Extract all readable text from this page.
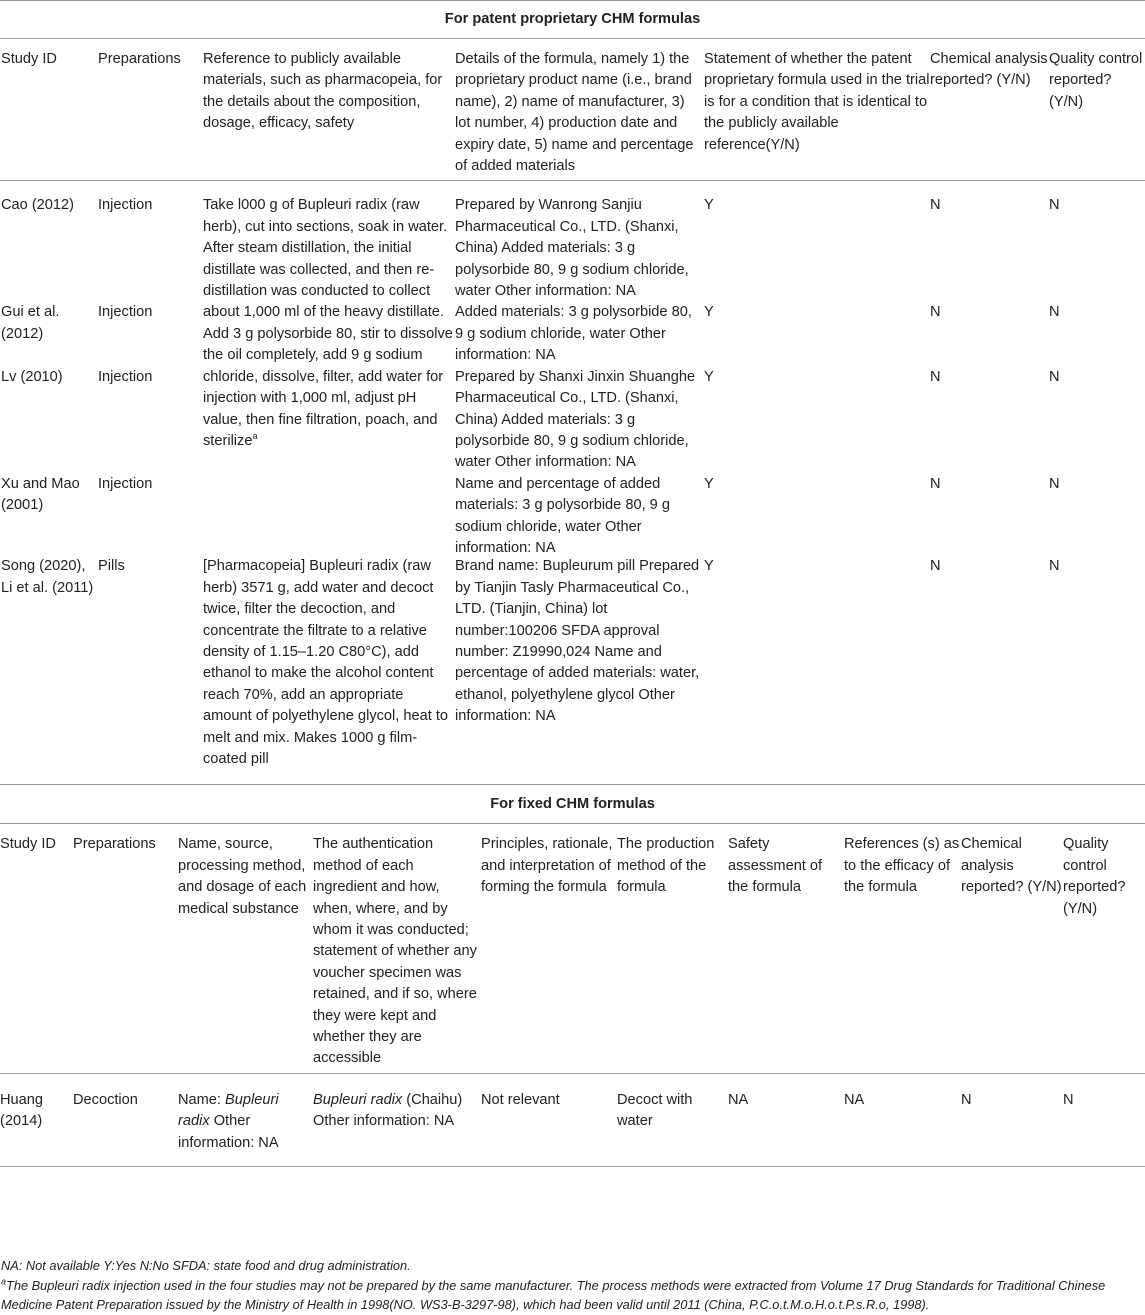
For patent proprietary CHM formulas						
Study ID	Preparations	Reference to publicly available materials, such as pharmacopeia, for the details about the composition, dosage, efficacy, safety	Details of the formula, namely 1) the proprietary product name (i.e., brand name), 2) name of manufacturer, 3) lot number, 4) production date and expiry date, 5) name and percentage of added materials	Statement of whether the patent proprietary formula used in the trial is for a condition that is identical to the publicly available reference(Y/N)	Chemical analysis reported? (Y/N)	Quality control reported? (Y/N)

Cao (2012)	Injection	Take l000 g of Bupleuri radix (raw herb), cut into sections, soak in water. After steam distillation, the initial distillate was collected, and then re-distillation was conducted to collect about 1,000 ml of the heavy distillate. Add 3 g polysorbide 80, stir to dissolve the oil completely, add 9 g sodium chloride, dissolve, filter, add water for injection with 1,000 ml, adjust pH value, then fine filtration, poach, and sterilize$^a$	Prepared by Wanrong Sanjiu Pharmaceutical Co., LTD. (Shanxi, China) Added materials: 3 g polysorbide 80, 9 g sodium chloride, water Other information: NA	Y	N	N
Gui et al. (2012)	Injection		Added materials: 3 g polysorbide 80, 9 g sodium chloride, water Other information: NA	Y	N	N
Lv (2010)	Injection		Prepared by Shanxi Jinxin Shuanghe Pharmaceutical Co., LTD. (Shanxi, China) Added materials: 3 g polysorbide 80, 9 g sodium chloride, water Other information: NA	Y	N	N
Xu and Mao (2001)	Injection		Name and percentage of added materials: 3 g polysorbide 80, 9 g sodium chloride, water Other information: NA	Y	N	N

Song (2020), Li et al. (2011)	Pills	[Pharmacopeia] Bupleuri radix (raw herb) 3571 g, add water and decoct twice, filter the decoction, and concentrate the filtrate to a relative density of 1.15–1.20 C80°C), add ethanol to make the alcohol content reach 70%, add an appropriate amount of polyethylene glycol, heat to melt and mix. Makes 1000 g film-coated pill	Brand name: Bupleurum pill Prepared by Tianjin Tasly Pharmaceutical Co., LTD. (Tianjin, China) lot number:100206 SFDA approval number: Z19990,024 Name and percentage of added materials: water, ethanol, polyethylene glycol Other information: NA	Y	N	N

For fixed CHM formulas									
Study ID	Preparations	Name, source, processing method, and dosage of each medical substance	The authentication method of each ingredient and how, when, where, and by whom it was conducted; statement of whether any voucher specimen was retained, and if so, where they were kept and whether they are accessible	Principles, rationale, and interpretation of forming the formula	The production method of the formula	Safety assessment of the formula	References (s) as to the efficacy of the formula	Chemical analysis reported? (Y/N)	Quality control reported? (Y/N)

Huang (2014)	Decoction	Name: Bupleuri radix Other information: NA	Bupleuri radix (Chaihu) Other information: NA	Not relevant	Decoct with water	NA	NA	N	N

NA: Not available Y:Yes N:No SFDA: state food and drug administration.
$^a$The Bupleuri radix injection used in the four studies may not be prepared by the same manufacturer. The process methods were extracted from Volume 17 Drug Standards for Traditional Chinese Medicine Patent Preparation issued by the Ministry of Health in 1998(NO. WS3-B-3297-98), which had been valid until 2011 (China, P.C.o.t.M.o.H.o.t.P.s.R.o, 1998).
